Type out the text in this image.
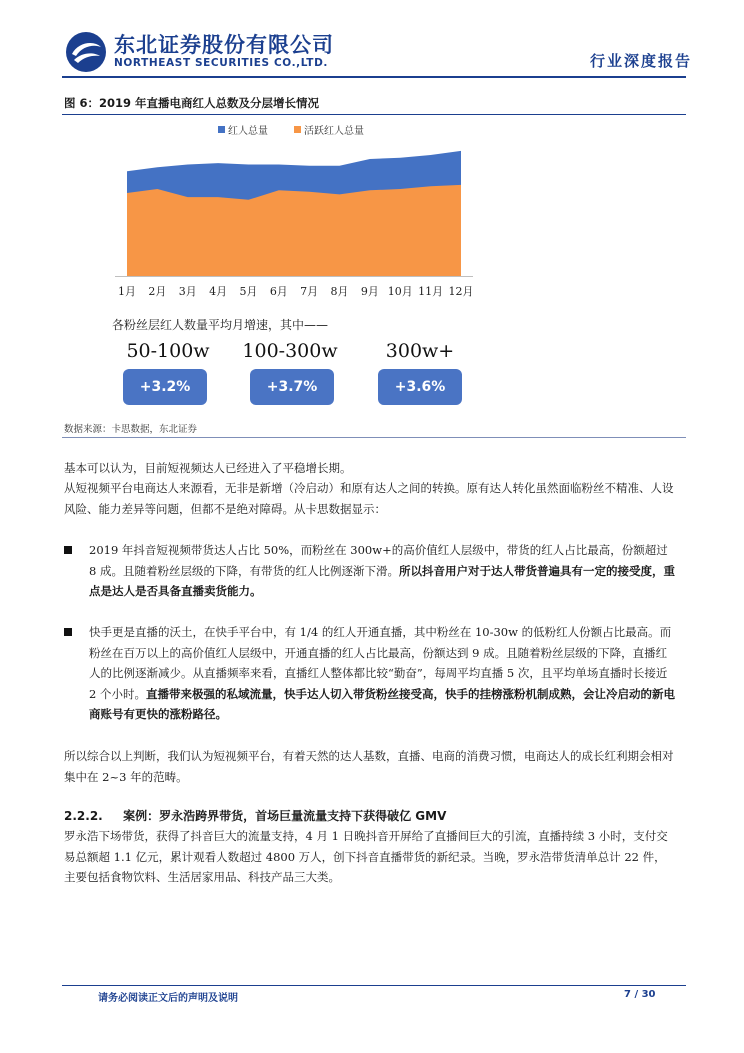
东北证券股份有限公司
NORTHEAST SECURITIES CO.,LTD.	行业深度报告
图 6：2019 年直播电商红人总数及分层增长情况
红人总量	活跃红人总量
1月 2月 3月 4月 5月 6月 7月 8月 9月 10月 11月 12月
各粉丝层红人数量平均月增速，其中——
50-100w	100-300w	300w+
+3.2%	+3.7%	+3.6%
数据来源：卡思数据，东北证券

基本可以认为，目前短视频达人已经进入了平稳增长期。

从短视频平台电商达人来源看，无非是新增（冷启动）和原有达人之间的转换。原有达人转化虽然面临粉丝不精准、人设风险、能力差异等问题，但都不是绝对障碍。从卡思数据显示：

2019 年抖音短视频带货达人占比 50%，而粉丝在 300w+的高价值红人层级中，带货的红人占比最高，份额超过 8 成。且随着粉丝层级的下降，有带货的红人比例逐渐下滑。所以抖音用户对于达人带货普遍具有一定的接受度，重点是达人是否具备直播卖货能力。
快手更是直播的沃土，在快手平台中，有 1/4 的红人开通直播，其中粉丝在 10-30w 的低粉红人份额占比最高。而粉丝在百万以上的高价值红人层级中，开通直播的红人占比最高，份额达到 9 成。且随着粉丝层级的下降，直播红人的比例逐渐减少。从直播频率来看，直播红人整体都比较“勤奋”，每周平均直播 5 次，且平均单场直播时长接近 2 个小时。直播带来极强的私域流量，快手达人切入带货粉丝接受高，快手的挂榜涨粉机制成熟，会让冷启动的新电商账号有更快的涨粉路径。

所以综合以上判断，我们认为短视频平台，有着天然的达人基数，直播、电商的消费习惯，电商达人的成长红利期会相对集中在 2~3 年的范畴。

2.2.2. 案例：罗永浩跨界带货，首场巨量流量支持下获得破亿 GMV

罗永浩下场带货，获得了抖音巨大的流量支持，4 月 1 日晚抖音开屏给了直播间巨大的引流，直播持续 3 小时，支付交易总额超 1.1 亿元，累计观看人数超过 4800 万人，创下抖音直播带货的新纪录。当晚，罗永浩带货清单总计 22 件，主要包括食物饮料、生活居家用品、科技产品三大类。

请务必阅读正文后的声明及说明	7 / 30
